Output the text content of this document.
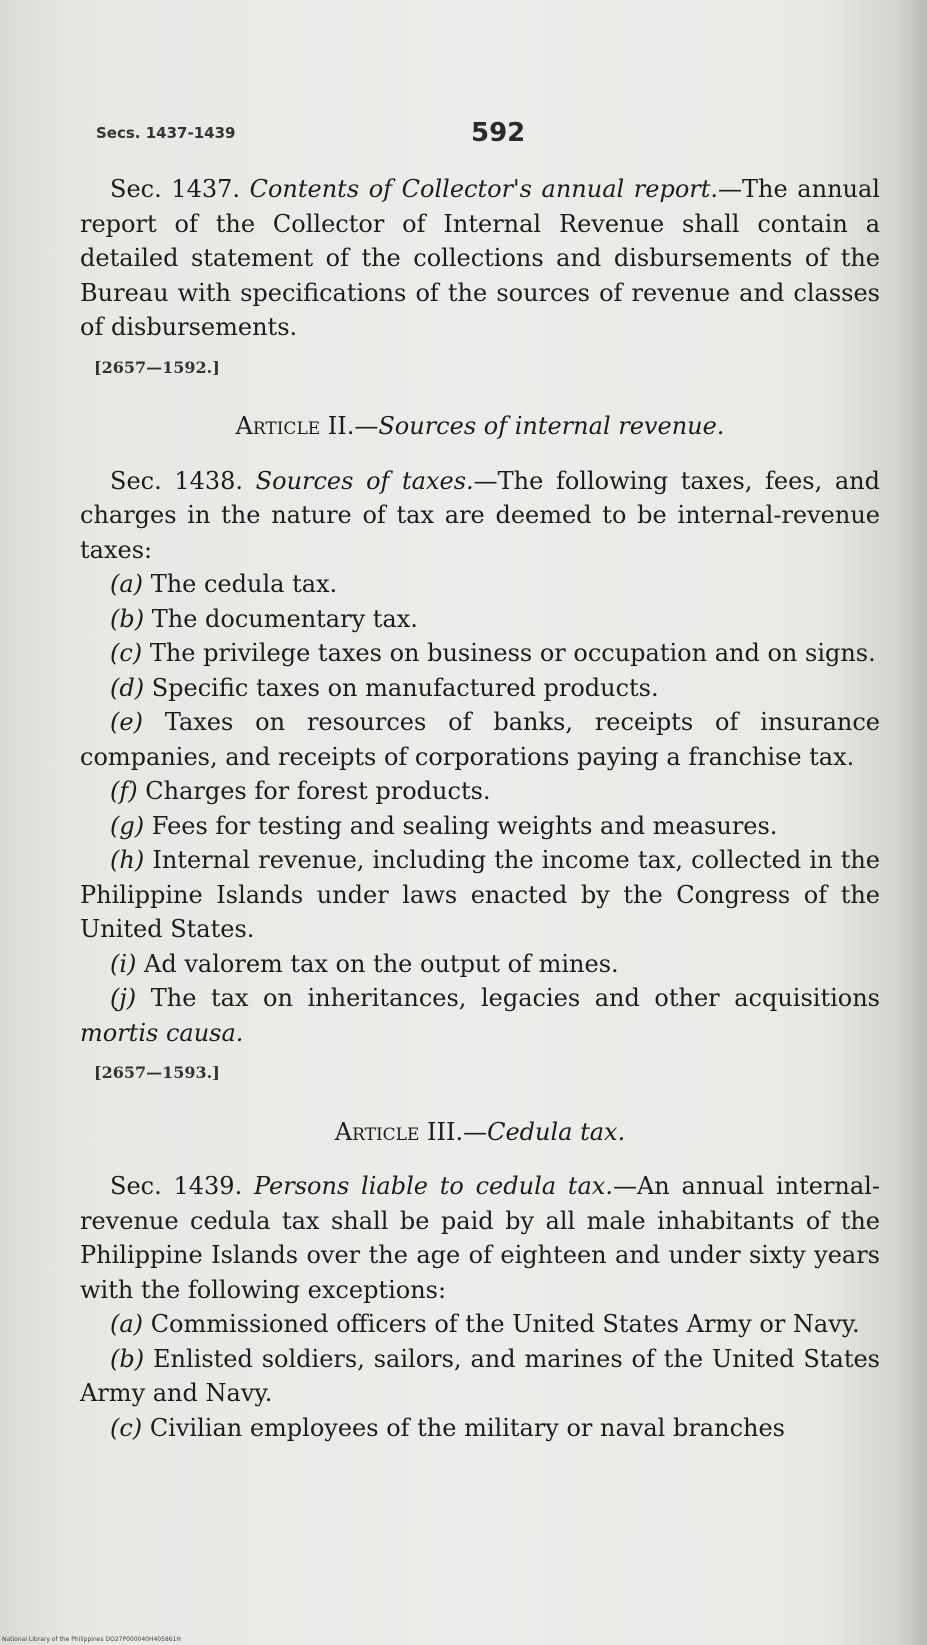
Secs. 1437-1439	592

Sec. 1437. Contents of Collector's annual report.—The annual report of the Collector of Internal Revenue shall contain a detailed statement of the collections and disbursements of the Bureau with specifications of the sources of revenue and classes of disbursements.

[2657—1592.]

Article II.—Sources of internal revenue.

Sec. 1438. Sources of taxes.—The following taxes, fees, and charges in the nature of tax are deemed to be internal-revenue taxes:

(a) The cedula tax.

(b) The documentary tax.

(c) The privilege taxes on business or occupation and on signs.

(d) Specific taxes on manufactured products.

(e) Taxes on resources of banks, receipts of insurance companies, and receipts of corporations paying a franchise tax.

(f) Charges for forest products.

(g) Fees for testing and sealing weights and measures.

(h) Internal revenue, including the income tax, collected in the Philippine Islands under laws enacted by the Congress of the United States.

(i) Ad valorem tax on the output of mines.

(j) The tax on inheritances, legacies and other acquisitions mortis causa.

[2657—1593.]

Article III.—Cedula tax.

Sec. 1439. Persons liable to cedula tax.—An annual internal-revenue cedula tax shall be paid by all male inhabitants of the Philippine Islands over the age of eighteen and under sixty years with the following exceptions:

(a) Commissioned officers of the United States Army or Navy.

(b) Enlisted soldiers, sailors, and marines of the United States Army and Navy.

(c) Civilian employees of the military or naval branches

National Library of the Philippines DO27P000040H405861H
